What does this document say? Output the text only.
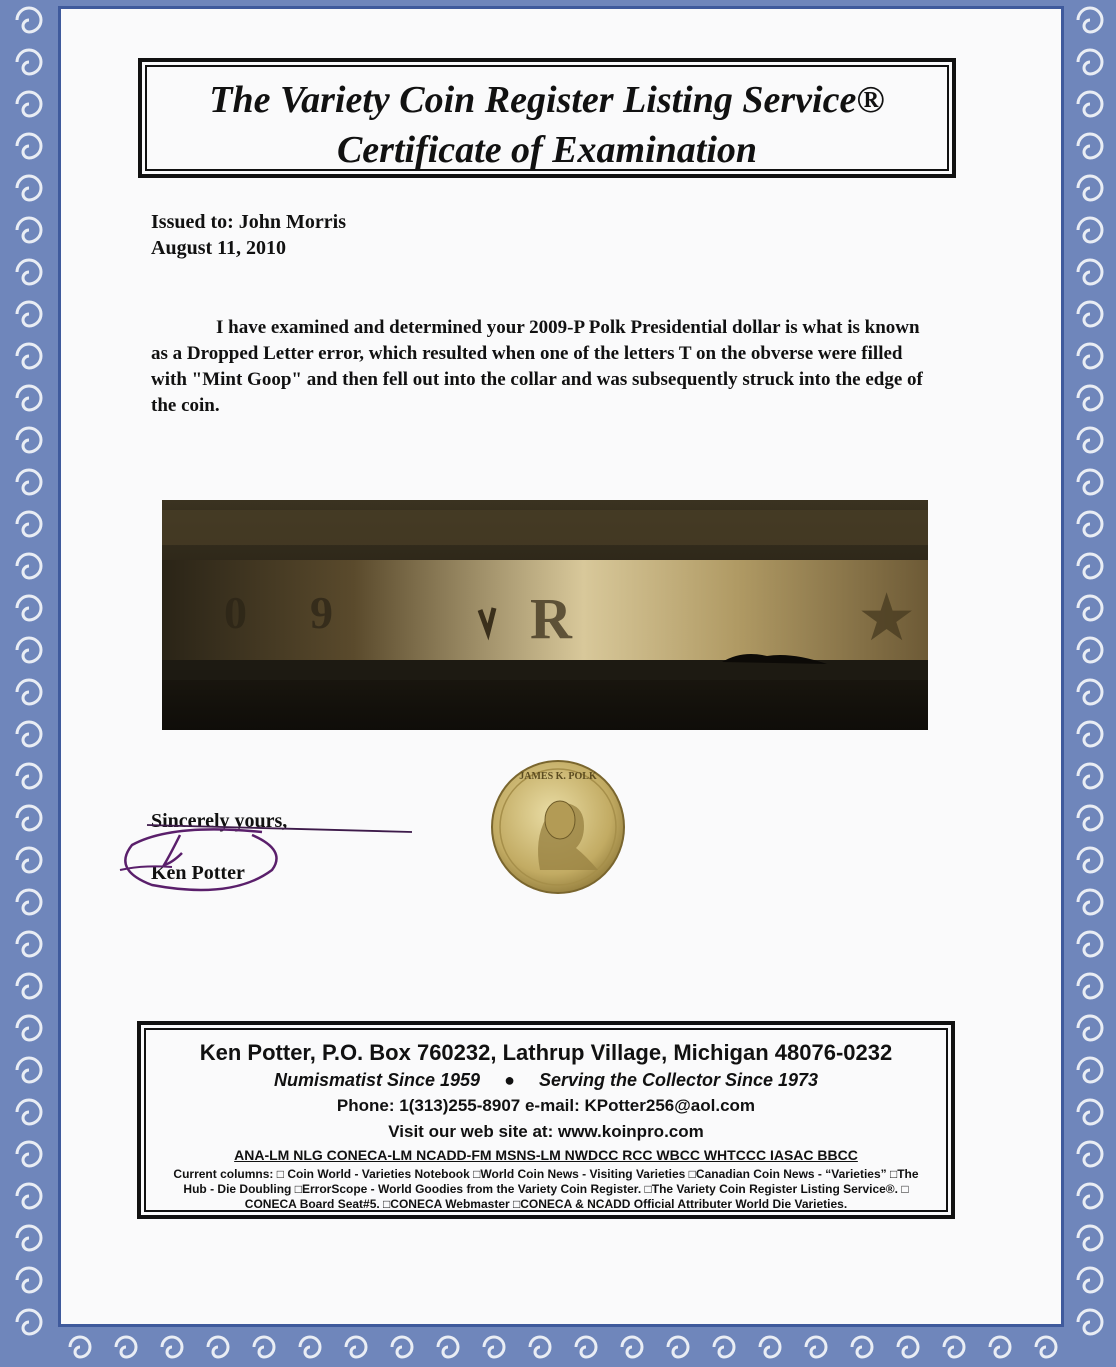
The Variety Coin Register Listing Service®
Certificate of Examination
Issued to: John Morris
August 11, 2010
I have examined and determined your 2009-P Polk Presidential dollar is what is known as a Dropped Letter error, which resulted when one of the letters T on the obverse were filled with "Mint Goop" and then fell out into the collar and was subsequently struck into the edge of the coin.
0 9	R	★
JAMES K. POLK
Sincerely yours,
Ken Potter
Ken Potter, P.O. Box 760232, Lathrup Village, Michigan 48076-0232
Numismatist Since 1959 ● Serving the Collector Since 1973
Phone: 1(313)255-8907 e-mail: KPotter256@aol.com
Visit our web site at: www.koinpro.com
ANA-LM NLG CONECA-LM NCADD-FM MSNS-LM NWDCC RCC WBCC WHTCCC IASAC BBCC
Current columns: □ Coin World - Varieties Notebook □World Coin News - Visiting Varieties □Canadian Coin News - “Varieties” □The Hub - Die Doubling □ErrorScope - World Goodies from the Variety Coin Register. □The Variety Coin Register Listing Service®. □ CONECA Board Seat#5. □CONECA Webmaster □CONECA & NCADD Official Attributer World Die Varieties.
